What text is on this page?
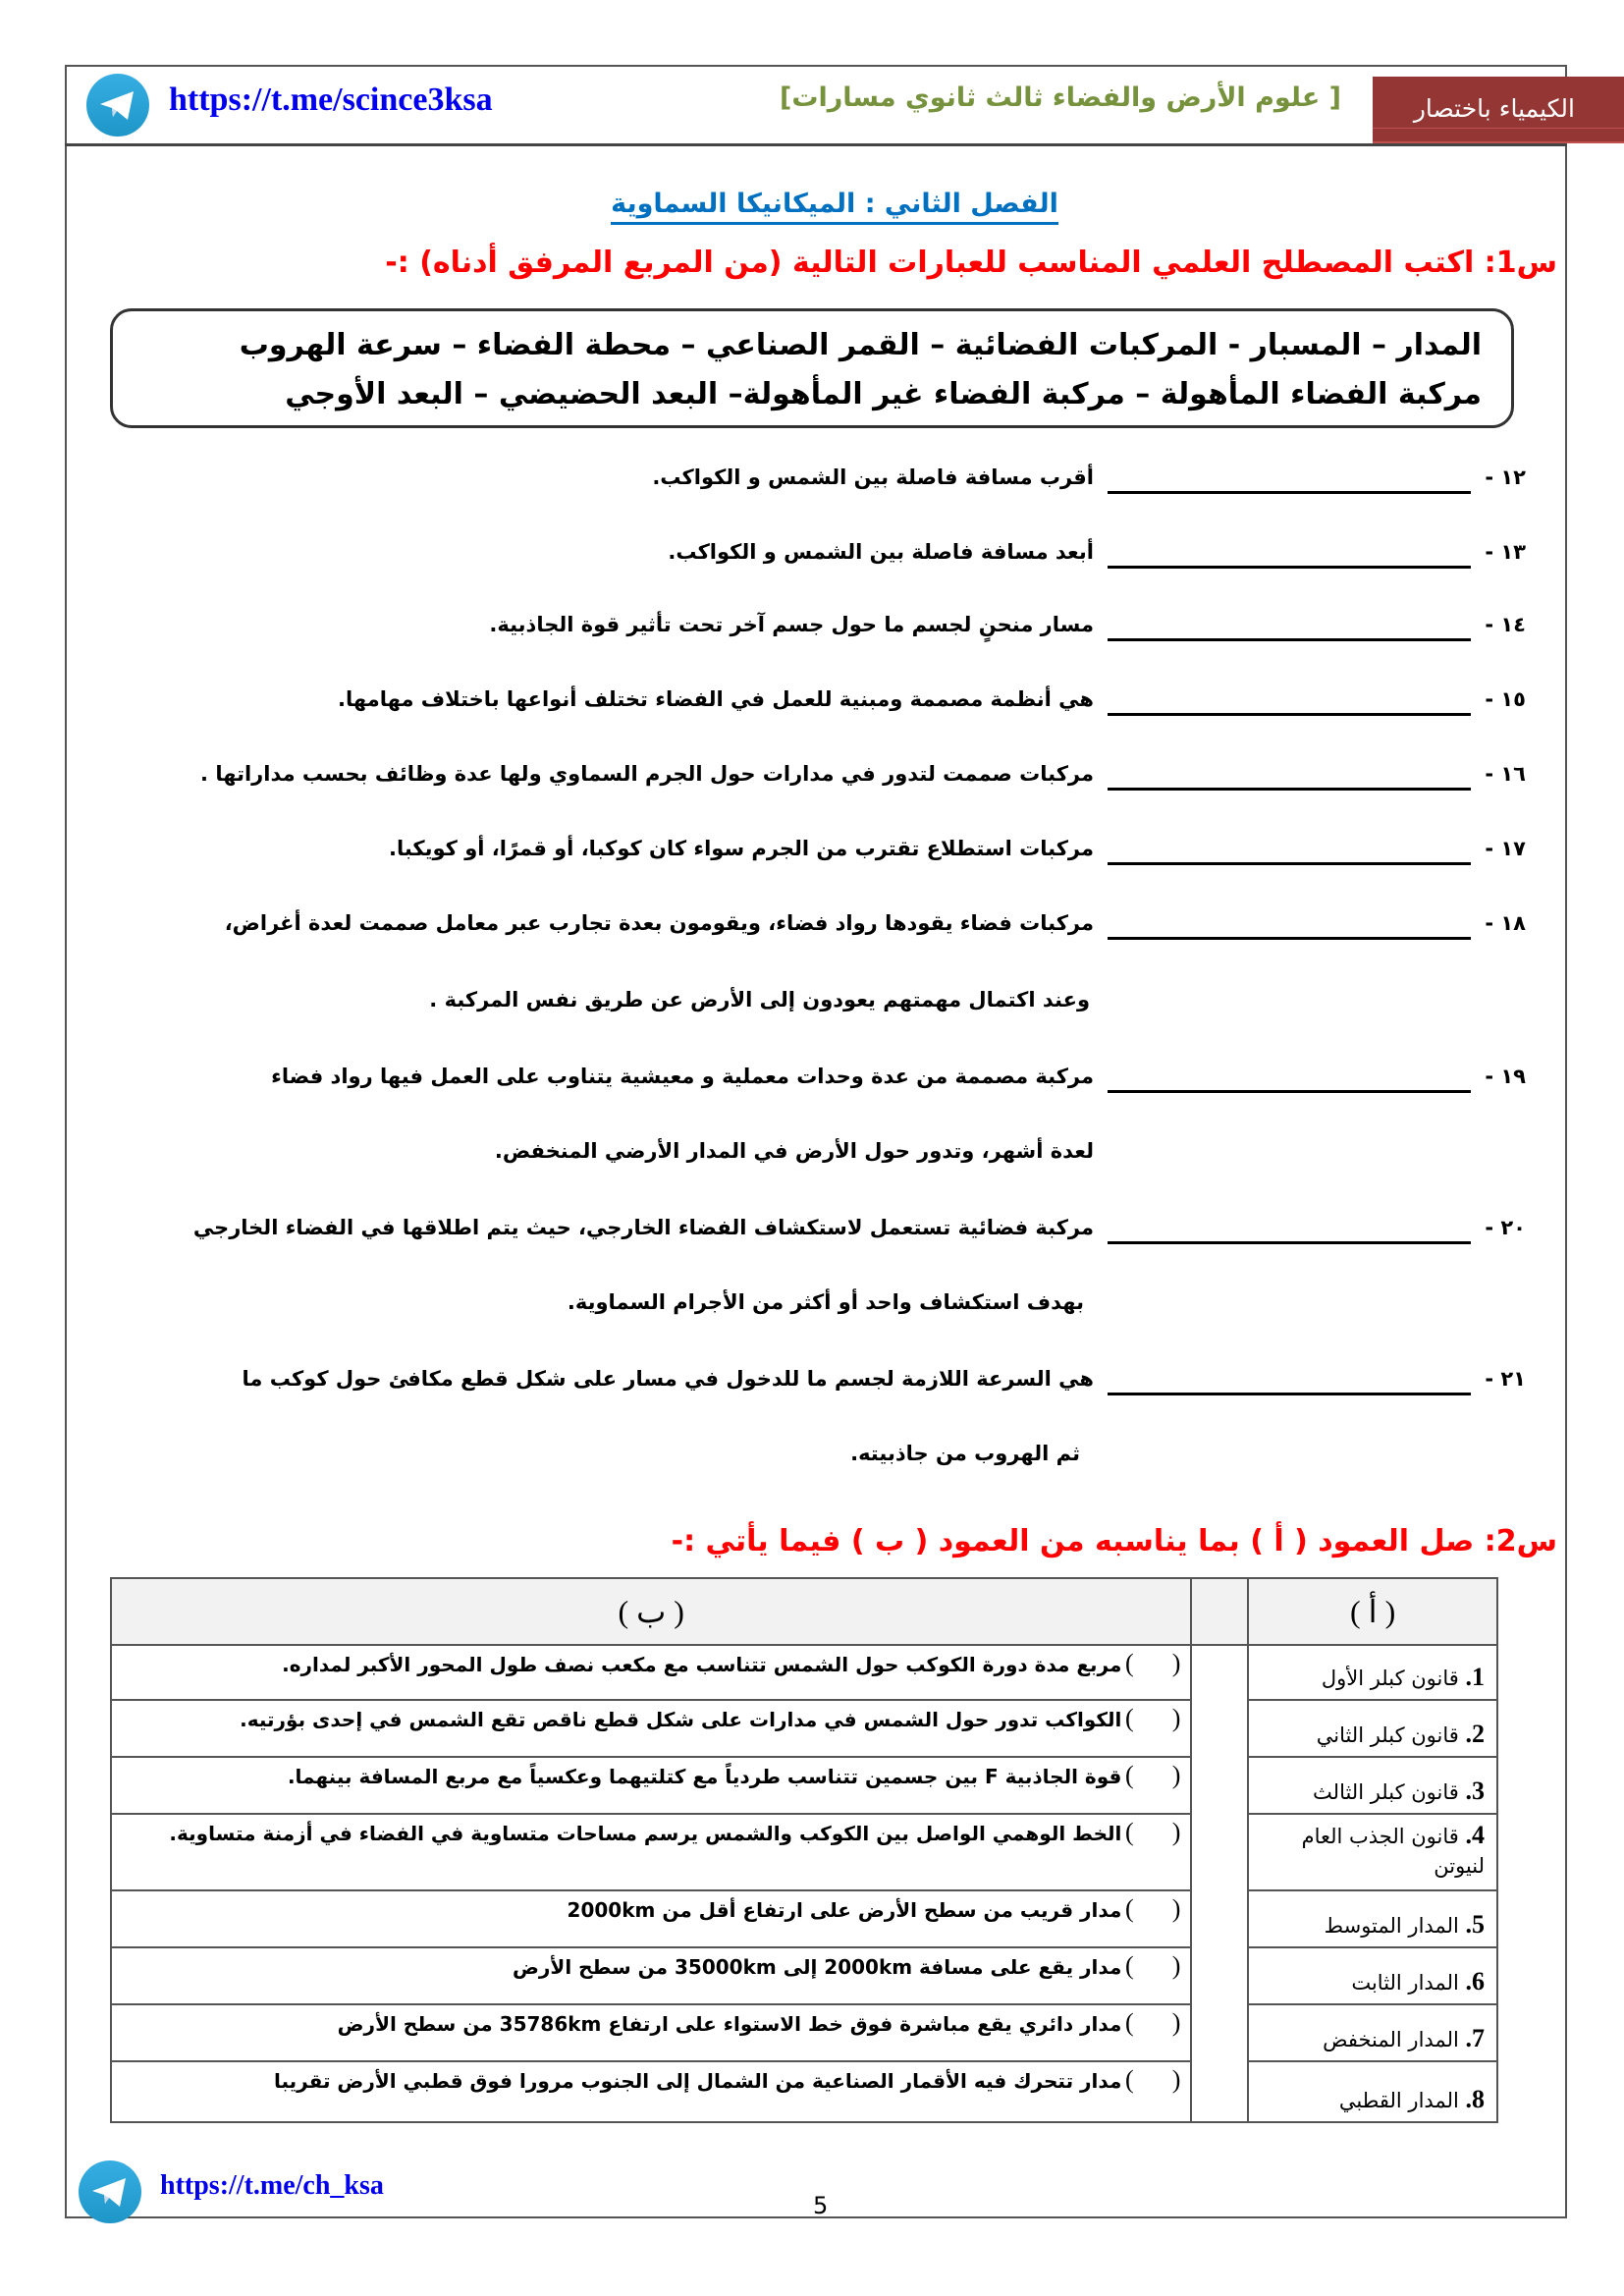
https://t.me/scince3ksa	[ علوم الأرض والفضاء ثالث ثانوي مسارات]	الكيمياء باختصار
الفصل الثاني : الميكانيكا السماوية
س1: اكتب المصطلح العلمي المناسب للعبارات التالية (من المربع المرفق أدناه) :-
المدار – المسبار - المركبات الفضائية – القمر الصناعي – محطة الفضاء – سرعة الهروب
مركبة الفضاء المأهولة – مركبة الفضاء غير المأهولة– البعد الحضيضي – البعد الأوجي
١٢ -
أقرب مسافة فاصلة بين الشمس و الكواكب.
١٣ -
أبعد مسافة فاصلة بين الشمس و الكواكب.
١٤ -
مسار منحنٍ لجسم ما حول جسم آخر تحت تأثير قوة الجاذبية.
١٥ -
هي أنظمة مصممة ومبنية للعمل في الفضاء تختلف أنواعها باختلاف مهامها.
١٦ -
مركبات صممت لتدور في مدارات حول الجرم السماوي ولها عدة وظائف بحسب مداراتها .
١٧ -
مركبات استطلاع تقترب من الجرم سواء كان كوكبا، أو قمرًا، أو كويكبا.
١٨ -
مركبات فضاء يقودها رواد فضاء، ويقومون بعدة تجارب عبر معامل صممت لعدة أغراض،
وعند اكتمال مهمتهم يعودون إلى الأرض عن طريق نفس المركبة .
١٩ -
مركبة مصممة من عدة وحدات معملية و معيشية يتناوب على العمل فيها رواد فضاء
لعدة أشهر، وتدور حول الأرض في المدار الأرضي المنخفض.
٢٠ -
مركبة فضائية تستعمل لاستكشاف الفضاء الخارجي، حيث يتم اطلاقها في الفضاء الخارجي
بهدف استكشاف واحد أو أكثر من الأجرام السماوية.
٢١ -
هي السرعة اللازمة لجسم ما للدخول في مسار على شكل قطع مكافئ حول كوكب ما
ثم الهروب من جاذبيته.
س2: صل العمود ( أ ) بما يناسبه من العمود ( ب ) فيما يأتي :-
( أ )		( ب )
1. قانون كبلر الأول		(      )مربع مدة دورة الكوكب حول الشمس تتناسب مع مكعب نصف طول المحور الأكبر لمداره.
2. قانون كبلر الثاني		(      )الكواكب تدور حول الشمس في مدارات على شكل قطع ناقص تقع الشمس في إحدى بؤرتيه.
3. قانون كبلر الثالث		(      )قوة الجاذبية F بين جسمين تتناسب طردياً مع كتلتيهما وعكسياً مع مربع المسافة بينهما.
4. قانون الجذب العام لنيوتن		(      )الخط الوهمي الواصل بين الكوكب والشمس يرسم مساحات متساوية في الفضاء في أزمنة متساوية.
5. المدار المتوسط		(      )مدار قريب من سطح الأرض على ارتفاع أقل من 2000km
6. المدار الثابت		(      )مدار يقع على مسافة 2000km إلى 35000km من سطح الأرض
7. المدار المنخفض		(      )مدار دائري يقع مباشرة فوق خط الاستواء على ارتفاع 35786km من سطح الأرض
8. المدار القطبي		(      )مدار تتحرك فيه الأقمار الصناعية من الشمال إلى الجنوب مرورا فوق قطبي الأرض تقريبا
https://t.me/ch_ksa
5
